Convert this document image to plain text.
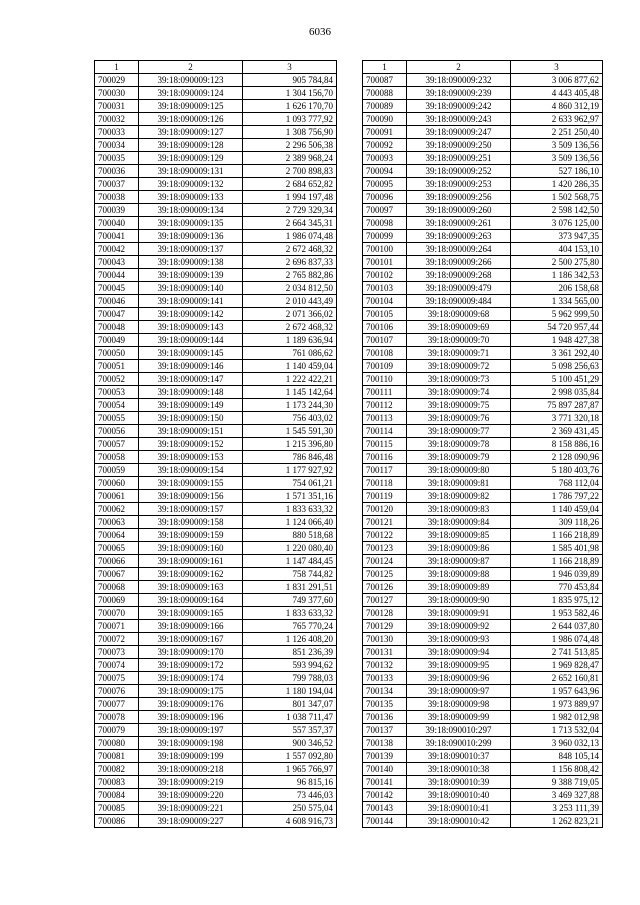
6036
1	2	3
700029	39:18:090009:123	905 784,84
700030	39:18:090009:124	1 304 156,70
700031	39:18:090009:125	1 626 170,70
700032	39:18:090009:126	1 093 777,92
700033	39:18:090009:127	1 308 756,90
700034	39:18:090009:128	2 296 506,38
700035	39:18:090009:129	2 389 968,24
700036	39:18:090009:131	2 700 898,83
700037	39:18:090009:132	2 684 652,82
700038	39:18:090009:133	1 994 197,48
700039	39:18:090009:134	2 729 329,34
700040	39:18:090009:135	2 664 345,31
700041	39:18:090009:136	1 986 074,48
700042	39:18:090009:137	2 672 468,32
700043	39:18:090009:138	2 696 837,33
700044	39:18:090009:139	2 765 882,86
700045	39:18:090009:140	2 034 812,50
700046	39:18:090009:141	2 010 443,49
700047	39:18:090009:142	2 071 366,02
700048	39:18:090009:143	2 672 468,32
700049	39:18:090009:144	1 189 636,94
700050	39:18:090009:145	761 086,62
700051	39:18:090009:146	1 140 459,04
700052	39:18:090009:147	1 222 422,21
700053	39:18:090009:148	1 145 142,64
700054	39:18:090009:149	1 173 244,30
700055	39:18:090009:150	756 403,02
700056	39:18:090009:151	1 545 591,30
700057	39:18:090009:152	1 215 396,80
700058	39:18:090009:153	786 846,48
700059	39:18:090009:154	1 177 927,92
700060	39:18:090009:155	754 061,21
700061	39:18:090009:156	1 571 351,16
700062	39:18:090009:157	1 833 633,32
700063	39:18:090009:158	1 124 066,40
700064	39:18:090009:159	880 518,68
700065	39:18:090009:160	1 220 080,40
700066	39:18:090009:161	1 147 484,45
700067	39:18:090009:162	758 744,82
700068	39:18:090009:163	1 831 291,51
700069	39:18:090009:164	749 377,60
700070	39:18:090009:165	1 833 633,32
700071	39:18:090009:166	765 770,24
700072	39:18:090009:167	1 126 408,20
700073	39:18:090009:170	851 236,39
700074	39:18:090009:172	593 994,62
700075	39:18:090009:174	799 788,03
700076	39:18:090009:175	1 180 194,04
700077	39:18:090009:176	801 347,07
700078	39:18:090009:196	1 038 711,47
700079	39:18:090009:197	557 357,37
700080	39:18:090009:198	900 346,52
700081	39:18:090009:199	1 557 092,80
700082	39:18:090009:218	1 965 766,97
700083	39:18:090009:219	96 815,16
700084	39:18:090009:220	73 446,03
700085	39:18:090009:221	250 575,04
700086	39:18:090009:227	4 608 916,73
1	2	3
700087	39:18:090009:232	3 006 877,62
700088	39:18:090009:239	4 443 405,48
700089	39:18:090009:242	4 860 312,19
700090	39:18:090009:243	2 633 962,97
700091	39:18:090009:247	2 251 250,40
700092	39:18:090009:250	3 509 136,56
700093	39:18:090009:251	3 509 136,56
700094	39:18:090009:252	527 186,10
700095	39:18:090009:253	1 420 286,35
700096	39:18:090009:256	1 502 568,75
700097	39:18:090009:260	2 598 142,50
700098	39:18:090009:261	3 076 125,00
700099	39:18:090009:263	373 947,35
700100	39:18:090009:264	404 153,10
700101	39:18:090009:266	2 500 275,80
700102	39:18:090009:268	1 186 342,53
700103	39:18:090009:479	206 158,68
700104	39:18:090009:484	1 334 565,00
700105	39:18:090009:68	5 962 999,50
700106	39:18:090009:69	54 720 957,44
700107	39:18:090009:70	1 948 427,38
700108	39:18:090009:71	3 361 292,40
700109	39:18:090009:72	5 098 256,63
700110	39:18:090009:73	5 100 451,29
700111	39:18:090009:74	2 998 035,84
700112	39:18:090009:75	75 897 287,87
700113	39:18:090009:76	3 771 320,18
700114	39:18:090009:77	2 369 431,45
700115	39:18:090009:78	8 158 886,16
700116	39:18:090009:79	2 128 090,96
700117	39:18:090009:80	5 180 403,76
700118	39:18:090009:81	768 112,04
700119	39:18:090009:82	1 786 797,22
700120	39:18:090009:83	1 140 459,04
700121	39:18:090009:84	309 118,26
700122	39:18:090009:85	1 166 218,89
700123	39:18:090009:86	1 585 401,98
700124	39:18:090009:87	1 166 218,89
700125	39:18:090009:88	1 946 039,89
700126	39:18:090009:89	770 453,84
700127	39:18:090009:90	1 835 975,12
700128	39:18:090009:91	1 953 582,46
700129	39:18:090009:92	2 644 037,80
700130	39:18:090009:93	1 986 074,48
700131	39:18:090009:94	2 741 513,85
700132	39:18:090009:95	1 969 828,47
700133	39:18:090009:96	2 652 160,81
700134	39:18:090009:97	1 957 643,96
700135	39:18:090009:98	1 973 889,97
700136	39:18:090009:99	1 982 012,98
700137	39:18:090010:297	1 713 532,04
700138	39:18:090010:299	3 960 032,13
700139	39:18:090010:37	848 105,14
700140	39:18:090010:38	1 156 808,42
700141	39:18:090010:39	9 388 719,05
700142	39:18:090010:40	3 469 327,88
700143	39:18:090010:41	3 253 111,39
700144	39:18:090010:42	1 262 823,21
